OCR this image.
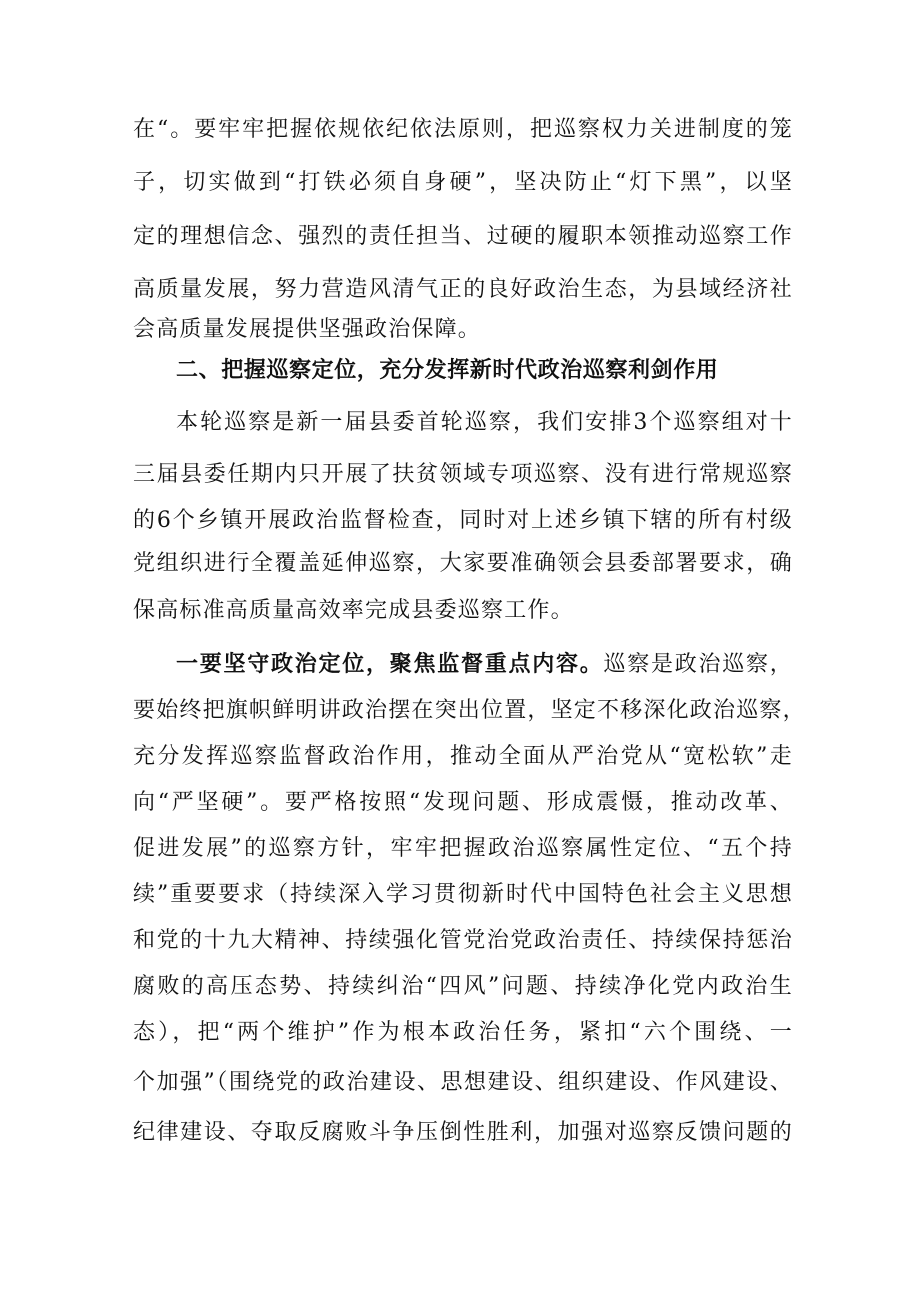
在“。要牢牢把握依规依纪依法原则，把巡察权力关进制度的笼
子，切实做到“打铁必须自身硬”，坚决防止“灯下黑”，以坚
定的理想信念、强烈的责任担当、过硬的履职本领推动巡察工作
高质量发展，努力营造风清气正的良好政治生态，为县域经济社
会高质量发展提供坚强政治保障。
二、把握巡察定位，充分发挥新时代政治巡察利剑作用
本轮巡察是新一届县委首轮巡察，我们安排3个巡察组对十
三届县委任期内只开展了扶贫领域专项巡察、没有进行常规巡察
的6个乡镇开展政治监督检查，同时对上述乡镇下辖的所有村级
党组织进行全覆盖延伸巡察，大家要准确领会县委部署要求，确
保高标准高质量高效率完成县委巡察工作。
一要坚守政治定位，聚焦监督重点内容。巡察是政治巡察，
要始终把旗帜鲜明讲政治摆在突出位置，坚定不移深化政治巡察，
充分发挥巡察监督政治作用，推动全面从严治党从“宽松软”走
向“严坚硬”。要严格按照“发现问题、形成震慑，推动改革、
促进发展”的巡察方针，牢牢把握政治巡察属性定位、“五个持
续”重要要求（持续深入学习贯彻新时代中国特色社会主义思想
和党的十九大精神、持续强化管党治党政治责任、持续保持惩治
腐败的高压态势、持续纠治“四风”问题、持续净化党内政治生
态），把“两个维护”作为根本政治任务，紧扣“六个围绕、一
个加强”（围绕党的政治建设、思想建设、组织建设、作风建设、
纪律建设、夺取反腐败斗争压倒性胜利，加强对巡察反馈问题的
